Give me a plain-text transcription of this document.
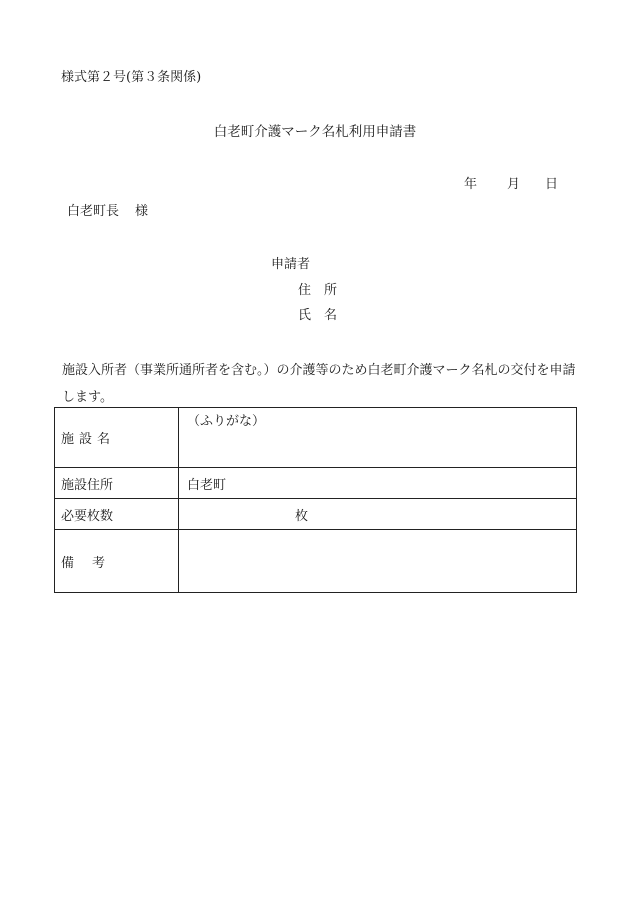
様式第２号(第３条関係)
白老町介護マーク名札利用申請書
年 月 日
白老町長 様
申請者
住所
氏名
施設入所者（事業所通所者を含む。）の介護等のため白老町介護マーク名札の交付を申請します。
施設名	（ふりがな）

施設住所	白老町
必要枚数	枚
備考	
